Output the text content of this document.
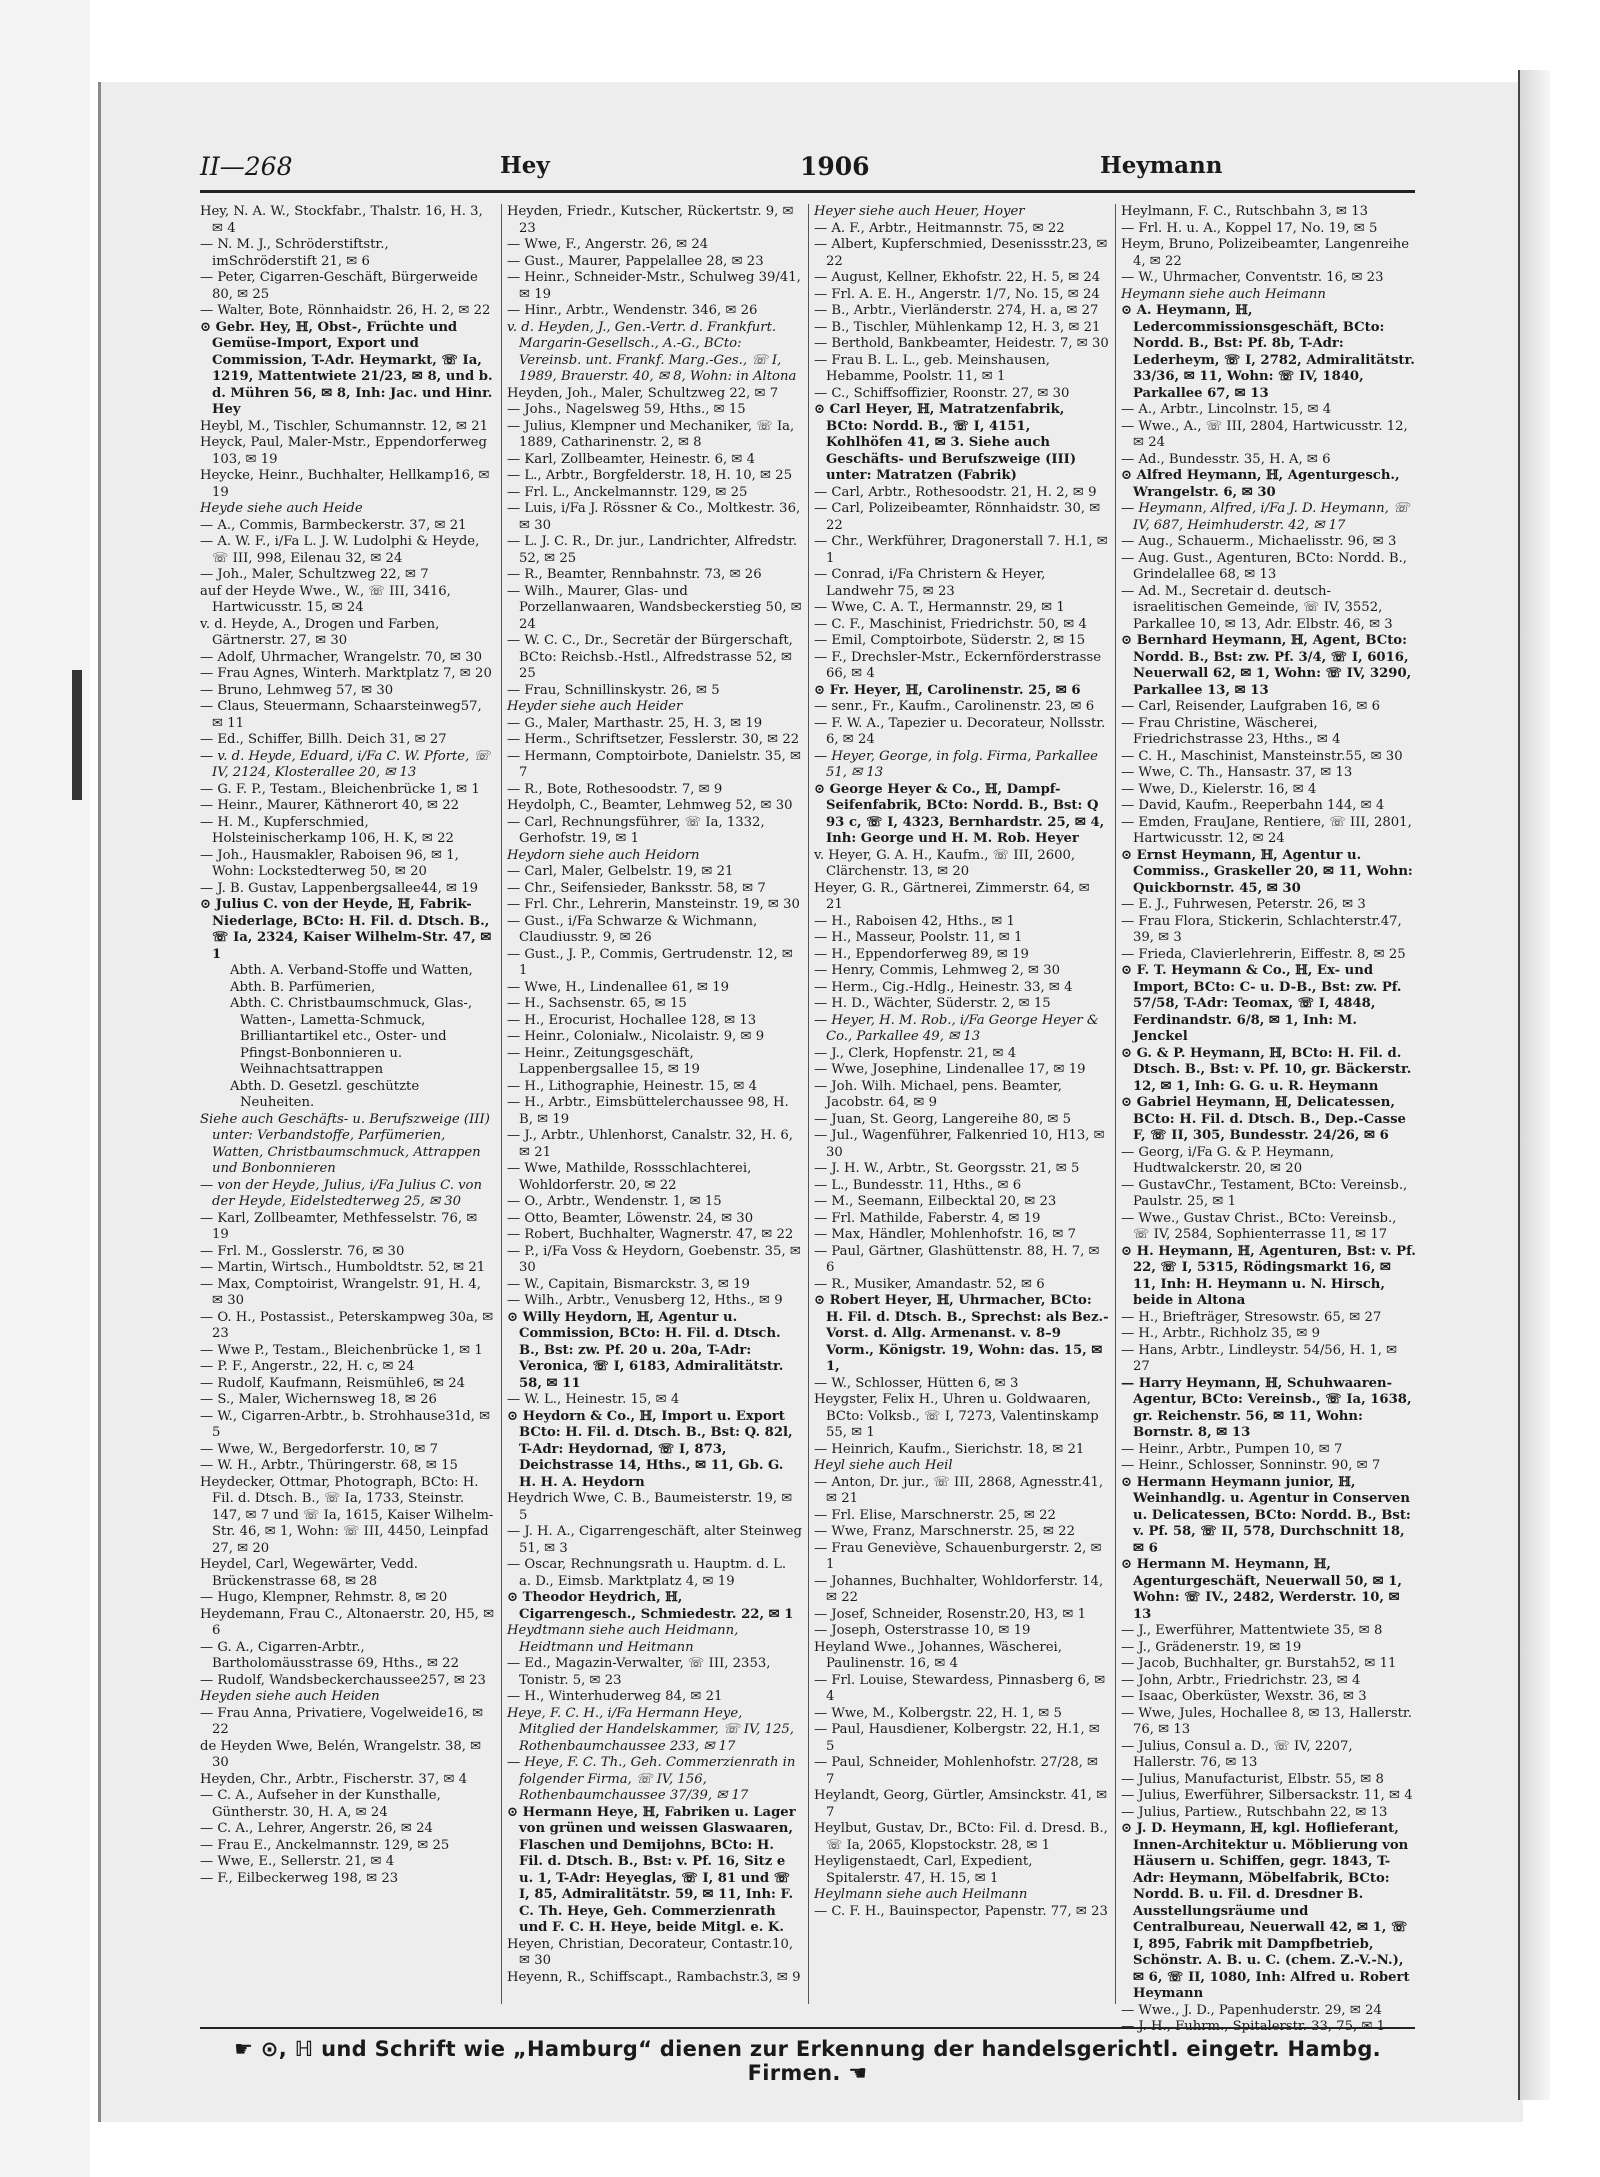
II—268	Hey	1906	Heymann
Hey, N. A. W., Stockfabr., Thalstr. 16, H. 3, ✉ 4
— N. M. J., Schröderstiftstr., imSchröderstift 21, ✉ 6
— Peter, Cigarren-Geschäft, Bürgerweide 80, ✉ 25
— Walter, Bote, Rönnhaidstr. 26, H. 2, ✉ 22
⊙ Gebr. Hey, ℍ, Obst-, Früchte und Gemüse-Import, Export und Commission, T-Adr. Heymarkt, ☏ Ia, 1219, Mattentwiete 21/23, ✉ 8, und b. d. Mühren 56, ✉ 8, Inh: Jac. und Hinr. Hey
Heybl, M., Tischler, Schumannstr. 12, ✉ 21
Heyck, Paul, Maler-Mstr., Eppendorferweg 103, ✉ 19
Heycke, Heinr., Buchhalter, Hellkamp16, ✉ 19
Heyde siehe auch Heide
— A., Commis, Barmbeckerstr. 37, ✉ 21
— A. W. F., i/Fa L. J. W. Ludolphi & Heyde, ☏ III, 998, Eilenau 32, ✉ 24
— Joh., Maler, Schultzweg 22, ✉ 7
auf der Heyde Wwe., W., ☏ III, 3416, Hartwicusstr. 15, ✉ 24
v. d. Heyde, A., Drogen und Farben, Gärtnerstr. 27, ✉ 30
— Adolf, Uhrmacher, Wrangelstr. 70, ✉ 30
— Frau Agnes, Winterh. Marktplatz 7, ✉ 20
— Bruno, Lehmweg 57, ✉ 30
— Claus, Steuermann, Schaarsteinweg57, ✉ 11
— Ed., Schiffer, Billh. Deich 31, ✉ 27
— v. d. Heyde, Eduard, i/Fa C. W. Pforte, ☏ IV, 2124, Klosterallee 20, ✉ 13
— G. F. P., Testam., Bleichenbrücke 1, ✉ 1
— Heinr., Maurer, Käthnerort 40, ✉ 22
— H. M., Kupferschmied, Holsteinischerkamp 106, H. K, ✉ 22
— Joh., Hausmakler, Raboisen 96, ✉ 1, Wohn: Lockstedterweg 50, ✉ 20
— J. B. Gustav, Lappenbergsallee44, ✉ 19
⊙ Julius C. von der Heyde, ℍ, Fabrik-Niederlage, BCto: H. Fil. d. Dtsch. B., ☏ Ia, 2324, Kaiser Wilhelm-Str. 47, ✉ 1
Abth. A. Verband-Stoffe und Watten,
Abth. B. Parfümerien,
Abth. C. Christbaumschmuck, Glas-, Watten-, Lametta-Schmuck, Brilliantartikel etc., Oster- und Pfingst-Bonbonnieren u. Weihnachtsattrappen
Abth. D. Gesetzl. geschützte Neuheiten.
Siehe auch Geschäfts- u. Berufszweige (III) unter: Verbandstoffe, Parfümerien, Watten, Christbaumschmuck, Attrappen und Bonbonnieren
— von der Heyde, Julius, i/Fa Julius C. von der Heyde, Eidelstedterweg 25, ✉ 30
— Karl, Zollbeamter, Methfesselstr. 76, ✉ 19
— Frl. M., Gosslerstr. 76, ✉ 30
— Martin, Wirtsch., Humboldtstr. 52, ✉ 21
— Max, Comptoirist, Wrangelstr. 91, H. 4, ✉ 30
— O. H., Postassist., Peterskampweg 30a, ✉ 23
— Wwe P., Testam., Bleichenbrücke 1, ✉ 1
— P. F., Angerstr., 22, H. c, ✉ 24
— Rudolf, Kaufmann, Reismühle6, ✉ 24
— S., Maler, Wichernsweg 18, ✉ 26
— W., Cigarren-Arbtr., b. Strohhause31d, ✉ 5
— Wwe, W., Bergedorferstr. 10, ✉ 7
— W. H., Arbtr., Thüringerstr. 68, ✉ 15
Heydecker, Ottmar, Photograph, BCto: H. Fil. d. Dtsch. B., ☏ Ia, 1733, Steinstr. 147, ✉ 7 und ☏ Ia, 1615, Kaiser Wilhelm-Str. 46, ✉ 1, Wohn: ☏ III, 4450, Leinpfad 27, ✉ 20
Heydel, Carl, Wegewärter, Vedd. Brückenstrasse 68, ✉ 28
— Hugo, Klempner, Rehmstr. 8, ✉ 20
Heydemann, Frau C., Altonaerstr. 20, H5, ✉ 6
— G. A., Cigarren-Arbtr., Bartholomäusstrasse 69, Hths., ✉ 22
— Rudolf, Wandsbeckerchaussee257, ✉ 23
Heyden siehe auch Heiden
— Frau Anna, Privatiere, Vogelweide16, ✉ 22
de Heyden Wwe, Belén, Wrangelstr. 38, ✉ 30
Heyden, Chr., Arbtr., Fischerstr. 37, ✉ 4
— C. A., Aufseher in der Kunsthalle, Güntherstr. 30, H. A, ✉ 24
— C. A., Lehrer, Angerstr. 26, ✉ 24
— Frau E., Anckelmannstr. 129, ✉ 25
— Wwe, E., Sellerstr. 21, ✉ 4
— F., Eilbeckerweg 198, ✉ 23
Heyden, Friedr., Kutscher, Rückertstr. 9, ✉ 23
— Wwe, F., Angerstr. 26, ✉ 24
— Gust., Maurer, Pappelallee 28, ✉ 23
— Heinr., Schneider-Mstr., Schulweg 39/41, ✉ 19
— Hinr., Arbtr., Wendenstr. 346, ✉ 26
v. d. Heyden, J., Gen.-Vertr. d. Frankfurt. Margarin-Gesellsch., A.-G., BCto: Vereinsb. unt. Frankf. Marg.-Ges., ☏ I, 1989, Brauerstr. 40, ✉ 8, Wohn: in Altona
Heyden, Joh., Maler, Schultzweg 22, ✉ 7
— Johs., Nagelsweg 59, Hths., ✉ 15
— Julius, Klempner und Mechaniker, ☏ Ia, 1889, Catharinenstr. 2, ✉ 8
— Karl, Zollbeamter, Heinestr. 6, ✉ 4
— L., Arbtr., Borgfelderstr. 18, H. 10, ✉ 25
— Frl. L., Anckelmannstr. 129, ✉ 25
— Luis, i/Fa J. Rössner & Co., Moltkestr. 36, ✉ 30
— L. J. C. R., Dr. jur., Landrichter, Alfredstr. 52, ✉ 25
— R., Beamter, Rennbahnstr. 73, ✉ 26
— Wilh., Maurer, Glas- und Porzellanwaaren, Wandsbeckerstieg 50, ✉ 24
— W. C. C., Dr., Secretär der Bürgerschaft, BCto: Reichsb.-Hstl., Alfredstrasse 52, ✉ 25
— Frau, Schnillinskystr. 26, ✉ 5
Heyder siehe auch Heider
— G., Maler, Marthastr. 25, H. 3, ✉ 19
— Herm., Schriftsetzer, Fesslerstr. 30, ✉ 22
— Hermann, Comptoirbote, Danielstr. 35, ✉ 7
— R., Bote, Rothesoodstr. 7, ✉ 9
Heydolph, C., Beamter, Lehmweg 52, ✉ 30
— Carl, Rechnungsführer, ☏ Ia, 1332, Gerhofstr. 19, ✉ 1
Heydorn siehe auch Heidorn
— Carl, Maler, Gelbelstr. 19, ✉ 21
— Chr., Seifensieder, Banksstr. 58, ✉ 7
— Frl. Chr., Lehrerin, Mansteinstr. 19, ✉ 30
— Gust., i/Fa Schwarze & Wichmann, Claudiusstr. 9, ✉ 26
— Gust., J. P., Commis, Gertrudenstr. 12, ✉ 1
— Wwe, H., Lindenallee 61, ✉ 19
— H., Sachsenstr. 65, ✉ 15
— H., Erocurist, Hochallee 128, ✉ 13
— Heinr., Colonialw., Nicolaistr. 9, ✉ 9
— Heinr., Zeitungsgeschäft, Lappenbergsallee 15, ✉ 19
— H., Lithographie, Heinestr. 15, ✉ 4
— H., Arbtr., Eimsbüttelerchaussee 98, H. B, ✉ 19
— J., Arbtr., Uhlenhorst, Canalstr. 32, H. 6, ✉ 21
— Wwe, Mathilde, Rossschlachterei, Wohldorferstr. 20, ✉ 22
— O., Arbtr., Wendenstr. 1, ✉ 15
— Otto, Beamter, Löwenstr. 24, ✉ 30
— Robert, Buchhalter, Wagnerstr. 47, ✉ 22
— P., i/Fa Voss & Heydorn, Goebenstr. 35, ✉ 30
— W., Capitain, Bismarckstr. 3, ✉ 19
— Wilh., Arbtr., Venusberg 12, Hths., ✉ 9
⊙ Willy Heydorn, ℍ, Agentur u. Commission, BCto: H. Fil. d. Dtsch. B., Bst: zw. Pf. 20 u. 20a, T-Adr: Veronica, ☏ I, 6183, Admiralitätstr. 58, ✉ 11
— W. L., Heinestr. 15, ✉ 4
⊙ Heydorn & Co., ℍ, Import u. Export BCto: H. Fil. d. Dtsch. B., Bst: Q. 82l, T-Adr: Heydornad, ☏ I, 873, Deichstrasse 14, Hths., ✉ 11, Gb. G. H. H. A. Heydorn
Heydrich Wwe, C. B., Baumeisterstr. 19, ✉ 5
— J. H. A., Cigarrengeschäft, alter Steinweg 51, ✉ 3
— Oscar, Rechnungsrath u. Hauptm. d. L. a. D., Eimsb. Marktplatz 4, ✉ 19
⊙ Theodor Heydrich, ℍ, Cigarrengesch., Schmiedestr. 22, ✉ 1
Heydtmann siehe auch Heidmann, Heidtmann und Heitmann
— Ed., Magazin-Verwalter, ☏ III, 2353, Tonistr. 5, ✉ 23
— H., Winterhuderweg 84, ✉ 21
Heye, F. C. H., i/Fa Hermann Heye, Mitglied der Handelskammer, ☏ IV, 125, Rothenbaumchaussee 233, ✉ 17
— Heye, F. C. Th., Geh. Commerzienrath in folgender Firma, ☏ IV, 156, Rothenbaumchaussee 37/39, ✉ 17
⊙ Hermann Heye, ℍ, Fabriken u. Lager von grünen und weissen Glaswaaren, Flaschen und Demijohns, BCto: H. Fil. d. Dtsch. B., Bst: v. Pf. 16, Sitz e u. 1, T-Adr: Heyeglas, ☏ I, 81 und ☏ I, 85, Admiralitätstr. 59, ✉ 11, Inh: F. C. Th. Heye, Geh. Commerzienrath und F. C. H. Heye, beide Mitgl. e. K.
Heyen, Christian, Decorateur, Contastr.10, ✉ 30
Heyenn, R., Schiffscapt., Rambachstr.3, ✉ 9
Heyer siehe auch Heuer, Hoyer
— A. F., Arbtr., Heitmannstr. 75, ✉ 22
— Albert, Kupferschmied, Desenissstr.23, ✉ 22
— August, Kellner, Ekhofstr. 22, H. 5, ✉ 24
— Frl. A. E. H., Angerstr. 1/7, No. 15, ✉ 24
— B., Arbtr., Vierländerstr. 274, H. a, ✉ 27
— B., Tischler, Mühlenkamp 12, H. 3, ✉ 21
— Berthold, Bankbeamter, Heidestr. 7, ✉ 30
— Frau B. L. L., geb. Meinshausen, Hebamme, Poolstr. 11, ✉ 1
— C., Schiffsoffizier, Roonstr. 27, ✉ 30
⊙ Carl Heyer, ℍ, Matratzenfabrik, BCto: Nordd. B., ☏ I, 4151, Kohlhöfen 41, ✉ 3. Siehe auch Geschäfts- und Berufszweige (III) unter: Matratzen (Fabrik)
— Carl, Arbtr., Rothesoodstr. 21, H. 2, ✉ 9
— Carl, Polizeibeamter, Rönnhaidstr. 30, ✉ 22
— Chr., Werkführer, Dragonerstall 7. H.1, ✉ 1
— Conrad, i/Fa Christern & Heyer, Landwehr 75, ✉ 23
— Wwe, C. A. T., Hermannstr. 29, ✉ 1
— C. F., Maschinist, Friedrichstr. 50, ✉ 4
— Emil, Comptoirbote, Süderstr. 2, ✉ 15
— F., Drechsler-Mstr., Eckernförderstrasse 66, ✉ 4
⊙ Fr. Heyer, ℍ, Carolinenstr. 25, ✉ 6
— senr., Fr., Kaufm., Carolinenstr. 23, ✉ 6
— F. W. A., Tapezier u. Decorateur, Nollsstr. 6, ✉ 24
— Heyer, George, in folg. Firma, Parkallee 51, ✉ 13
⊙ George Heyer & Co., ℍ, Dampf-Seifenfabrik, BCto: Nordd. B., Bst: Q 93 c, ☏ I, 4323, Bernhardstr. 25, ✉ 4, Inh: George und H. M. Rob. Heyer
v. Heyer, G. A. H., Kaufm., ☏ III, 2600, Clärchenstr. 13, ✉ 20
Heyer, G. R., Gärtnerei, Zimmerstr. 64, ✉ 21
— H., Raboisen 42, Hths., ✉ 1
— H., Masseur, Poolstr. 11, ✉ 1
— H., Eppendorferweg 89, ✉ 19
— Henry, Commis, Lehmweg 2, ✉ 30
— Herm., Cig.-Hdlg., Heinestr. 33, ✉ 4
— H. D., Wächter, Süderstr. 2, ✉ 15
— Heyer, H. M. Rob., i/Fa George Heyer & Co., Parkallee 49, ✉ 13
— J., Clerk, Hopfenstr. 21, ✉ 4
— Wwe, Josephine, Lindenallee 17, ✉ 19
— Joh. Wilh. Michael, pens. Beamter, Jacobstr. 64, ✉ 9
— Juan, St. Georg, Langereihe 80, ✉ 5
— Jul., Wagenführer, Falkenried 10, H13, ✉ 30
— J. H. W., Arbtr., St. Georgsstr. 21, ✉ 5
— L., Bundesstr. 11, Hths., ✉ 6
— M., Seemann, Eilbecktal 20, ✉ 23
— Frl. Mathilde, Faberstr. 4, ✉ 19
— Max, Händler, Mohlenhofstr. 16, ✉ 7
— Paul, Gärtner, Glashüttenstr. 88, H. 7, ✉ 6
— R., Musiker, Amandastr. 52, ✉ 6
⊙ Robert Heyer, ℍ, Uhrmacher, BCto: H. Fil. d. Dtsch. B., Sprechst: als Bez.-Vorst. d. Allg. Armenanst. v. 8–9 Vorm., Königstr. 19, Wohn: das. 15, ✉ 1,
— W., Schlosser, Hütten 6, ✉ 3
Heygster, Felix H., Uhren u. Goldwaaren, BCto: Volksb., ☏ I, 7273, Valentinskamp 55, ✉ 1
— Heinrich, Kaufm., Sierichstr. 18, ✉ 21
Heyl siehe auch Heil
— Anton, Dr. jur., ☏ III, 2868, Agnesstr.41, ✉ 21
— Frl. Elise, Marschnerstr. 25, ✉ 22
— Wwe, Franz, Marschnerstr. 25, ✉ 22
— Frau Geneviève, Schauenburgerstr. 2, ✉ 1
— Johannes, Buchhalter, Wohldorferstr. 14, ✉ 22
— Josef, Schneider, Rosenstr.20, H3, ✉ 1
— Joseph, Osterstrasse 10, ✉ 19
Heyland Wwe., Johannes, Wäscherei, Paulinenstr. 16, ✉ 4
— Frl. Louise, Stewardess, Pinnasberg 6, ✉ 4
— Wwe, M., Kolbergstr. 22, H. 1, ✉ 5
— Paul, Hausdiener, Kolbergstr. 22, H.1, ✉ 5
— Paul, Schneider, Mohlenhofstr. 27/28, ✉ 7
Heylandt, Georg, Gürtler, Amsinckstr. 41, ✉ 7
Heylbut, Gustav, Dr., BCto: Fil. d. Dresd. B., ☏ Ia, 2065, Klopstockstr. 28, ✉ 1
Heyligenstaedt, Carl, Expedient, Spitalerstr. 47, H. 15, ✉ 1
Heylmann siehe auch Heilmann
— C. F. H., Bauinspector, Papenstr. 77, ✉ 23
Heylmann, F. C., Rutschbahn 3, ✉ 13
— Frl. H. u. A., Koppel 17, No. 19, ✉ 5
Heym, Bruno, Polizeibeamter, Langenreihe 4, ✉ 22
— W., Uhrmacher, Conventstr. 16, ✉ 23
Heymann siehe auch Heimann
⊙ A. Heymann, ℍ, Ledercommissionsgeschäft, BCto: Nordd. B., Bst: Pf. 8b, T-Adr: Lederheym, ☏ I, 2782, Admiralitätstr. 33/36, ✉ 11, Wohn: ☏ IV, 1840, Parkallee 67, ✉ 13
— A., Arbtr., Lincolnstr. 15, ✉ 4
— Wwe., A., ☏ III, 2804, Hartwicusstr. 12, ✉ 24
— Ad., Bundesstr. 35, H. A, ✉ 6
⊙ Alfred Heymann, ℍ, Agenturgesch., Wrangelstr. 6, ✉ 30
— Heymann, Alfred, i/Fa J. D. Heymann, ☏ IV, 687, Heimhuderstr. 42, ✉ 17
— Aug., Schauerm., Michaelisstr. 96, ✉ 3
— Aug. Gust., Agenturen, BCto: Nordd. B., Grindelallee 68, ✉ 13
— Ad. M., Secretair d. deutsch-israelitischen Gemeinde, ☏ IV, 3552, Parkallee 10, ✉ 13, Adr. Elbstr. 46, ✉ 3
⊙ Bernhard Heymann, ℍ, Agent, BCto: Nordd. B., Bst: zw. Pf. 3/4, ☏ I, 6016, Neuerwall 62, ✉ 1, Wohn: ☏ IV, 3290, Parkallee 13, ✉ 13
— Carl, Reisender, Laufgraben 16, ✉ 6
— Frau Christine, Wäscherei, Friedrichstrasse 23, Hths., ✉ 4
— C. H., Maschinist, Mansteinstr.55, ✉ 30
— Wwe, C. Th., Hansastr. 37, ✉ 13
— Wwe, D., Kielerstr. 16, ✉ 4
— David, Kaufm., Reeperbahn 144, ✉ 4
— Emden, FrauJane, Rentiere, ☏ III, 2801, Hartwicusstr. 12, ✉ 24
⊙ Ernst Heymann, ℍ, Agentur u. Commiss., Graskeller 20, ✉ 11, Wohn: Quickbornstr. 45, ✉ 30
— E. J., Fuhrwesen, Peterstr. 26, ✉ 3
— Frau Flora, Stickerin, Schlachterstr.47, 39, ✉ 3
— Frieda, Clavierlehrerin, Eiffestr. 8, ✉ 25
⊙ F. T. Heymann & Co., ℍ, Ex- und Import, BCto: C- u. D-B., Bst: zw. Pf. 57/58, T-Adr: Teomax, ☏ I, 4848, Ferdinandstr. 6/8, ✉ 1, Inh: M. Jenckel
⊙ G. & P. Heymann, ℍ, BCto: H. Fil. d. Dtsch. B., Bst: v. Pf. 10, gr. Bäckerstr. 12, ✉ 1, Inh: G. G. u. R. Heymann
⊙ Gabriel Heymann, ℍ, Delicatessen, BCto: H. Fil. d. Dtsch. B., Dep.-Casse F, ☏ II, 305, Bundesstr. 24/26, ✉ 6
— Georg, i/Fa G. & P. Heymann, Hudtwalckerstr. 20, ✉ 20
— GustavChr., Testament, BCto: Vereinsb., Paulstr. 25, ✉ 1
— Wwe., Gustav Christ., BCto: Vereinsb., ☏ IV, 2584, Sophienterrasse 11, ✉ 17
⊙ H. Heymann, ℍ, Agenturen, Bst: v. Pf. 22, ☏ I, 5315, Rödingsmarkt 16, ✉ 11, Inh: H. Heymann u. N. Hirsch, beide in Altona
— H., Briefträger, Stresowstr. 65, ✉ 27
— H., Arbtr., Richholz 35, ✉ 9
— Hans, Arbtr., Lindleystr. 54/56, H. 1, ✉ 27
— Harry Heymann, ℍ, Schuhwaaren-Agentur, BCto: Vereinsb., ☏ Ia, 1638, gr. Reichenstr. 56, ✉ 11, Wohn: Bornstr. 8, ✉ 13
— Heinr., Arbtr., Pumpen 10, ✉ 7
— Heinr., Schlosser, Sonninstr. 90, ✉ 7
⊙ Hermann Heymann junior, ℍ, Weinhandlg. u. Agentur in Conserven u. Delicatessen, BCto: Nordd. B., Bst: v. Pf. 58, ☏ II, 578, Durchschnitt 18, ✉ 6
⊙ Hermann M. Heymann, ℍ, Agenturgeschäft, Neuerwall 50, ✉ 1, Wohn: ☏ IV., 2482, Werderstr. 10, ✉ 13
— J., Ewerführer, Mattentwiete 35, ✉ 8
— J., Grädenerstr. 19, ✉ 19
— Jacob, Buchhalter, gr. Burstah52, ✉ 11
— John, Arbtr., Friedrichstr. 23, ✉ 4
— Isaac, Oberküster, Wexstr. 36, ✉ 3
— Wwe, Jules, Hochallee 8, ✉ 13, Hallerstr. 76, ✉ 13
— Julius, Consul a. D., ☏ IV, 2207, Hallerstr. 76, ✉ 13
— Julius, Manufacturist, Elbstr. 55, ✉ 8
— Julius, Ewerführer, Silbersackstr. 11, ✉ 4
— Julius, Partiew., Rutschbahn 22, ✉ 13
⊙ J. D. Heymann, ℍ, kgl. Hoflieferant, Innen-Architektur u. Möblierung von Häusern u. Schiffen, gegr. 1843, T-Adr: Heymann, Möbelfabrik, BCto: Nordd. B. u. Fil. d. Dresdner B. Ausstellungsräume und Centralbureau, Neuerwall 42, ✉ 1, ☏ I, 895, Fabrik mit Dampfbetrieb, Schönstr. A. B. u. C. (chem. Z.-V.-N.), ✉ 6, ☏ II, 1080, Inh: Alfred u. Robert Heymann
— Wwe., J. D., Papenhuderstr. 29, ✉ 24
— J. H., Fuhrm., Spitalerstr. 33, 75, ✉ 1
☛ ⊙, ℍ und Schrift wie „Hamburg“ dienen zur Erkennung der handelsgerichtl. eingetr. Hambg. Firmen. ☚
